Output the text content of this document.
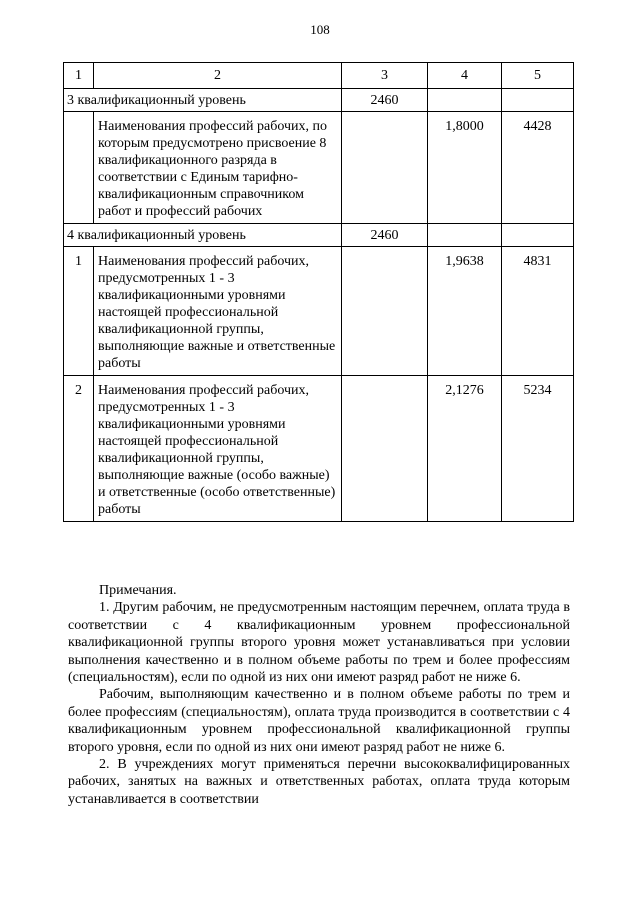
108
1	2	3	4	5
3 квалификационный уровень		2460		
	Наименования профессий рабочих, по которым предусмотрено присвоение 8 квалификационного разряда в соответствии с Единым тарифно-квалификационным справочником работ и профессий рабочих		1,8000	4428
4 квалификационный уровень		2460		
1	Наименования профессий рабочих, предусмотренных 1 - 3 квалификационными уровнями настоящей профессиональной квалификационной группы, выполняющие важные и ответственные работы		1,9638	4831
2	Наименования профессий рабочих, предусмотренных 1 - 3 квалификационными уровнями настоящей профессиональной квалификационной группы, выполняющие важные (особо важные) и ответственные (особо ответственные) работы		2,1276	5234

Примечания.

1. Другим рабочим, не предусмотренным настоящим перечнем, оплата труда в соответствии с 4 квалификационным уровнем профессиональной квалификационной группы второго уровня может устанавливаться при условии выполнения качественно и в полном объеме работы по трем и более профессиям (специальностям), если по одной из них они имеют разряд работ не ниже 6.

Рабочим, выполняющим качественно и в полном объеме работы по трем и более профессиям (специальностям), оплата труда производится в соответствии с 4 квалификационным уровнем профессиональной квалификационной группы второго уровня, если по одной из них они имеют разряд работ не ниже 6.

2. В учреждениях могут применяться перечни высококвалифицированных рабочих, занятых на важных и ответственных работах, оплата труда которым устанавливается в соответствии
